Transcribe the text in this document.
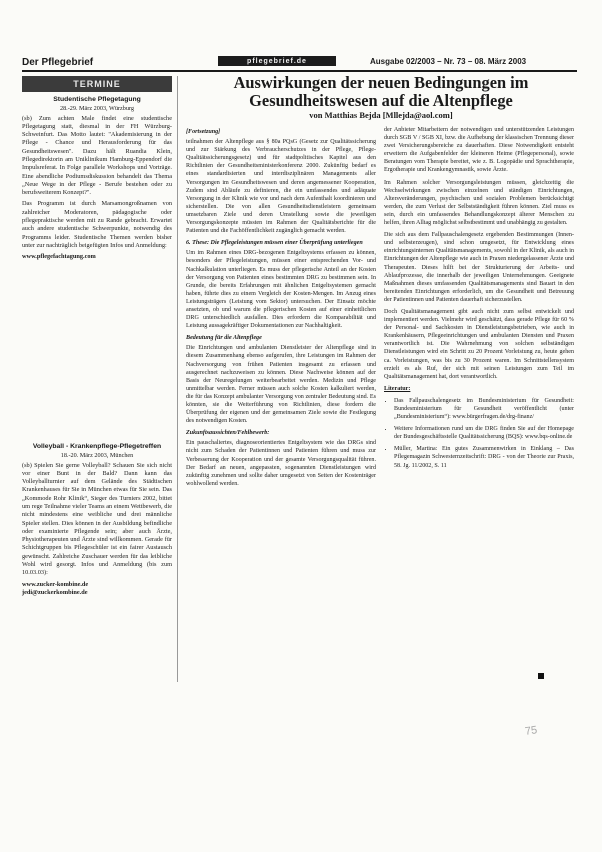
Der Pflegebrief	pflegebrief.de	Ausgabe 02/2003 – Nr. 73 – 08. März 2003
TERMINE
Studentische Pflegetagung
28.-29. März 2003, Würzburg

(sb) Zum achten Male findet eine studentische Pflegetagung statt, diesmal in der FH Würzburg-Schweinfurt. Das Motto lautet: "Akademisierung in der Pflege - Chance und Herausforderung für das Gesundheitswesen". Dazu hält Ruandia Klein, Pflegedirektorin am Uniklinikum Hamburg-Eppendorf die Impulsreferat. In Folge parallele Workshops und Vorträge. Eine abendliche Podiumsdiskussion behandelt das Thema „Neue Wege in der Pflege - Berufe bestehen oder zu berufsweiterem Konzept?".

Das Programm ist durch Marsamongroßnamen von zahlreicher Moderatoren, pädagogische oder pflegepraktische werden mit zu Rande gebracht. Erwartet auch andere studentische Schwerpunkte, notwendig des Programms leider. Studentische Themen werden bisher unter zur nachträglich beigefügten Infos und Anmeldung:

www.pflegefachtagung.com

Volleyball - Krankenpflege-Pflegetreffen
18.-20. März 2003, München

(sb) Spielen Sie gerne Volleyball? Schauen Sie sich nicht vor einer Bunt in der Bald? Dann kann das Volleyballturnier auf dem Gelände des Städtischen Krankenhauses für Sie in München etwas für Sie sein. Das „Kommode Rohr Klinik“, Sieger des Turniers 2002, bittet um rege Teilnahme vieler Teams an einem Wettbewerb, die nicht mindestens eine weibliche und drei männliche Spieler stellen. Dies können in der Ausbildung befindliche oder examinierte Pflegende sein; aber auch Ärzte, Physiotherapeuten und Ärzte sind willkommen. Gerade für Schichtgruppen bis Pflegeschüler ist ein fairer Austausch gewünscht. Zahlreiche Zuschauer werden für das leibliche Wohl wird gesorgt. Infos und Anmeldung (bis zum 10.03.03):

www.zucker-kombine.de

jedi@zuckerkombine.de

Auswirkungen der neuen Bedingungen im Gesundheitswesen auf die Altenpflege
von Matthias Bejda [Mllejda@aol.com]
[Fortsetzung]

teilnahmen der Altenpflege aus § 80a PQsG (Gesetz zur Qualitätssicherung und zur Stärkung des Verbraucherschutzes in der Pflege, Pflege-Qualitätssicherungsgesetz) und für stadtpolitisches Kapitel aus den Richtlinien der Gesundheitsministerkonferenz 2000. Zukünftig bedarf es eines standardisierten und interdisziplinären Managements aller Versorgungen im Gesundheitswesen und deren angemessener Kooperation, Zudem sind Abläufe zu definieren, die ein umfassendes und adäquate Versorgung in der Klinik wie vor und nach dem Aufenthalt koordinieren und sicherstellen. Die von allen Gesundheitsdienstleistern gemeinsam umsetzbaren Ziele und deren Umstellung sowie die jeweiligen Versorgungskonzepte müssten im Rahmen der Qualitätsberichte für die Patienten und die Fachöffentlichkeit zugänglich gemacht werden.

6. These: Die Pflegeleistungen müssen einer Überprüfung unterliegen

Um im Rahmen eines DRG-bezogenen Entgeltsystems erfassen zu können, besonders der Pflegeleistungen, müssen einer entsprechenden Vor- und Nachkalkulation unterliegen. Es muss der pflegerische Anteil an der Kosten der Versorgung von Patienten eines bestimmten DRG zu bestimmen sein. In Grunde, die bereits Erfahrungen mit ähnlichen Entgeltsystemen gemacht haben, führte dies zu einem Vergleich der Kosten-Mengen. Im Anzug eines Leistungsträgers (Leistung vom Sektor) untersuchen. Der Einsatz möchte ansetzten, ob und warum die pflegerischen Kosten auf einer einheitlichen DRG unterschiedlich ausfallen. Dies erfordern die Komparabilität und Leistung aussagekräftiger Dokumentationen zur Nachhaltigkeit.

Bedeutung für die Altenpflege

Die Einrichtungen und ambulanten Dienstleister der Altenpflege sind in diesem Zusammenhang ebenso aufgerufen, ihre Leistungen im Rahmen der Nachversorgung von frühen Patienten insgesamt zu erfassen und ausgerechnet nachzuweisen zu können. Diese Nachweise können auf der Basis der Neuregelungen weiterbearbeitet werden. Medizin und Pflege unmittelbar werden. Ferner müssen auch solche Kosten kalkuliert werden, die für das Konzept ambulanter Versorgung von zentraler Bedeutung sind. Es könnten, sie die Weiterführung von Richtlinien, diese fordern die Überprüfung der eigenen und der gemeinsamen Ziele sowie die Festlegung des notwendigen Kosten.

Zukunftsaussichten/Fehlbewerb:

Ein pauschaliertes, diagnoseorientiertes Entgeltsystem wie das DRGs sind nicht zum Schaden der Patientinnen und Patienten führen und muss zur Verbesserung der Kooperation und der gesamte Versorgungsqualität führen. Der Bedarf an neuen, angepassten, sogenannten Dienstleistungen wird zukünftig zunehmen und sollte daher umgesetzt von Seiten der Kostenträger wohlwollend werden.

der Anbieter Mitarbeitern der notwendigen und unterstützenden Leistungen durch SGB V / SGB XI, bzw. die Aufhebung der klassischen Trennung dieser zwei Versicherungsbereiche zu dauerhaften. Diese Notwendigkeit entsteht erweitern die Aufgabenfelder der kleineren Heime (Pflegepersonal), sowie Beratungen vom Therapie bereitet, wie z. B. Logopädie und Sprachtherapie, Ergotherapie und Krankengymnastik, sowie Ärzte.

Im Rahmen solcher Versorgungsleistungen müssen, gleichzeitig die Wechselwirkungen zwischen einzelnen und ständigen Einrichtungen, Altersveränderungen, psychischen und sozialen Problemen berücksichtigt werden, die zum Verlust der Selbstständigkeit führen können. Ziel muss es sein, durch ein umfassendes Behandlungskonzept älterer Menschen zu helfen, ihren Alltag möglichst selbstbestimmt und unabhängig zu gestalten.

Die sich aus dem Fallpauschalengesetz ergebenden Bestimmungen (Innen- und selbsterzeugen), sind schon umgesetzt, für Entwicklung eines einrichtungsinternen Qualitätsmanagements, sowohl in der Klinik, als auch in Einrichtungen der Altenpflege wie auch in Praxen niedergelassener Ärzte und Therapeuten. Dieses hilft bei der Strukturierung der Arbeits- und Ablaufprozesse, die innerhalb der jeweiligen Unternehmungen. Geeignete Maßnahmen dieses umfassenden Qualitätsmanagements sind Bauart in den bereitenden Einrichtungen erforderlich, um die Gesundheit und Betreuung der Patientinnen und Patienten dauerhaft sicherzustellen.

Doch Qualitätsmanagement gibt auch nicht zum selbst entwickelt und implementiert werden. Vielmehr wird geschätzt, dass gerade Pflege für 60 % der Personal- und Sachkosten in Dienstleistungsbetrieben, wie auch in Krankenhäusern, Pflegeeinrichtungen und ambulanten Diensten und Praxen verantwortlich ist. Die Wahrnehmung von solchen selbständigen Dienstleistungen wird ein Schritt zu 20 Prozent Vorleistung zu, heute gehen ca. Vorleistungen, was bis zu 30 Prozent waren. Im Schnittstellensystem erzielt es als Ruf, der sich mit seinen Leistungen zum Teil im Qualitätsmanagement hat, dort verantwortlich.

Literatur:
• Das Fallpauschalengesetz im Bundesministerium für Gesundheit: Bundesministerium für Gesundheit veröffentlicht (unter „Bundesministerium“): www.bürgerfragen.de/drg-finanz/
• Weitere Informationen rund um die DRG finden Sie auf der Homepage der Bundesgeschäftsstelle Qualitätssicherung (BQS): www.bqs-online.de
• Müller, Martina: Ein gutes Zusammenwirken in Einklang – Das Pflegemagazin Schwesternzeitschrift: DRG - von der Theorie zur Praxis, 58. Jg. 11/2002, S. 11
75
